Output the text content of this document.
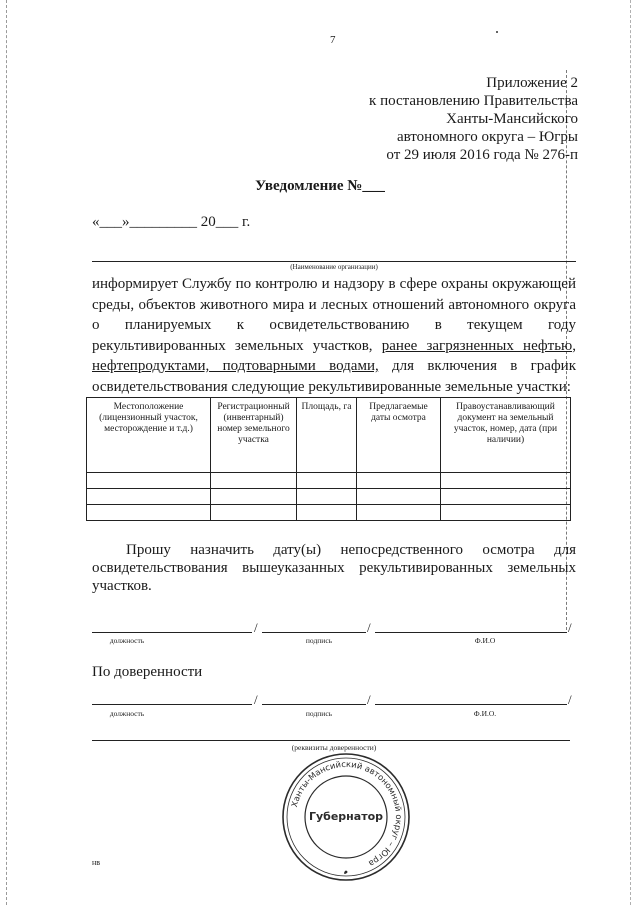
7
Приложение 2
к постановлению Правительства
Ханты-Мансийского
автономного округа – Югры
от 29 июля 2016 года № 276-п
Уведомление №___
«___»_________ 20___ г.
(Наименование организации)
информирует Службу по контролю и надзору в сфере охраны окружающей среды, объектов животного мира и лесных отношений автономного округа о планируемых к освидетельствованию в текущем году рекультивированных земельных участков, ранее загрязненных нефтью, нефтепродуктами, подтоварными водами, для включения в график освидетельствования следующие рекультивированные земельные участки:
Местоположение (лицензионный участок, месторождение и т.д.)	Регистрационный (инвентарный) номер земельного участка	Площадь, га	Предлагаемые даты осмотра	Правоустанавливающий документ на земельный участок, номер, дата (при наличии)

Прошу назначить дату(ы) непосредственного осмотра для освидетельствования вышеуказанных рекультивированных земельных участков.
/	/	/
должность	подпись	Ф.И.О
По доверенности
/	/	/
должность	подпись	Ф.И.О.
(реквизиты доверенности)
Ханты-Мансийский автономный округ – Югра
Губернатор
нв
